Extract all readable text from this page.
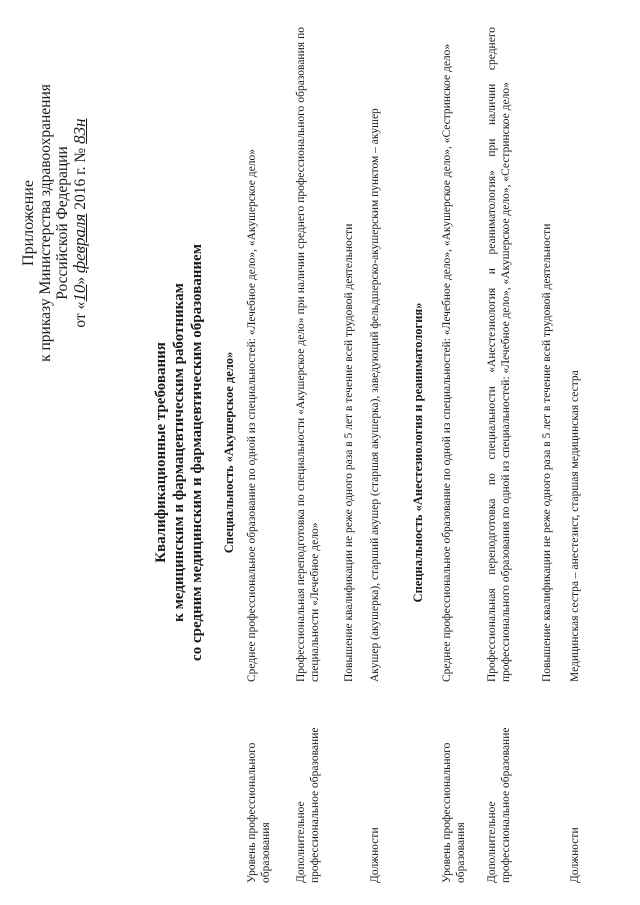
Приложение к приказу Министерства здравоохранения Российской Федерации
от «10» февраля 2016 г. № 83н
Квалификационные требования к медицинским и фармацевтическим работникам со средним медицинским и фармацевтическим образованием Специальность «Акушерское дело»
Уровень профессионального образования
Среднее профессиональное образование по одной из специальностей: «Лечебное дело», «Акушерское дело»
Дополнительное профессиональное образование
Профессиональная переподготовка по специальности «Акушерское дело» при наличии среднего профессионального образования по специальности «Лечебное дело» Повышение квалификации не реже одного раза в 5 лет в течение всей трудовой деятельности
Должности
Акушер (акушерка), старший акушер (старшая акушерка), заведующий фельдшерско-акушерским пунктом – акушер Специальность «Анестезиология и реаниматология»
Уровень профессионального образования
Среднее профессиональное образование по одной из специальностей: «Лечебное дело», «Акушерское дело», «Сестринское дело»
Дополнительное профессиональное образование
Профессиональная переподготовка по специальности «Анестезиология и реаниматология» при наличии среднего профессионального образования по одной из специальностей: «Лечебное дело», «Акушерское дело», «Сестринское дело»	Повышение квалификации не реже одного раза в 5 лет в течение всей трудовой деятельности
Должности
Медицинская сестра – анестезист, старшая медицинская сестра
